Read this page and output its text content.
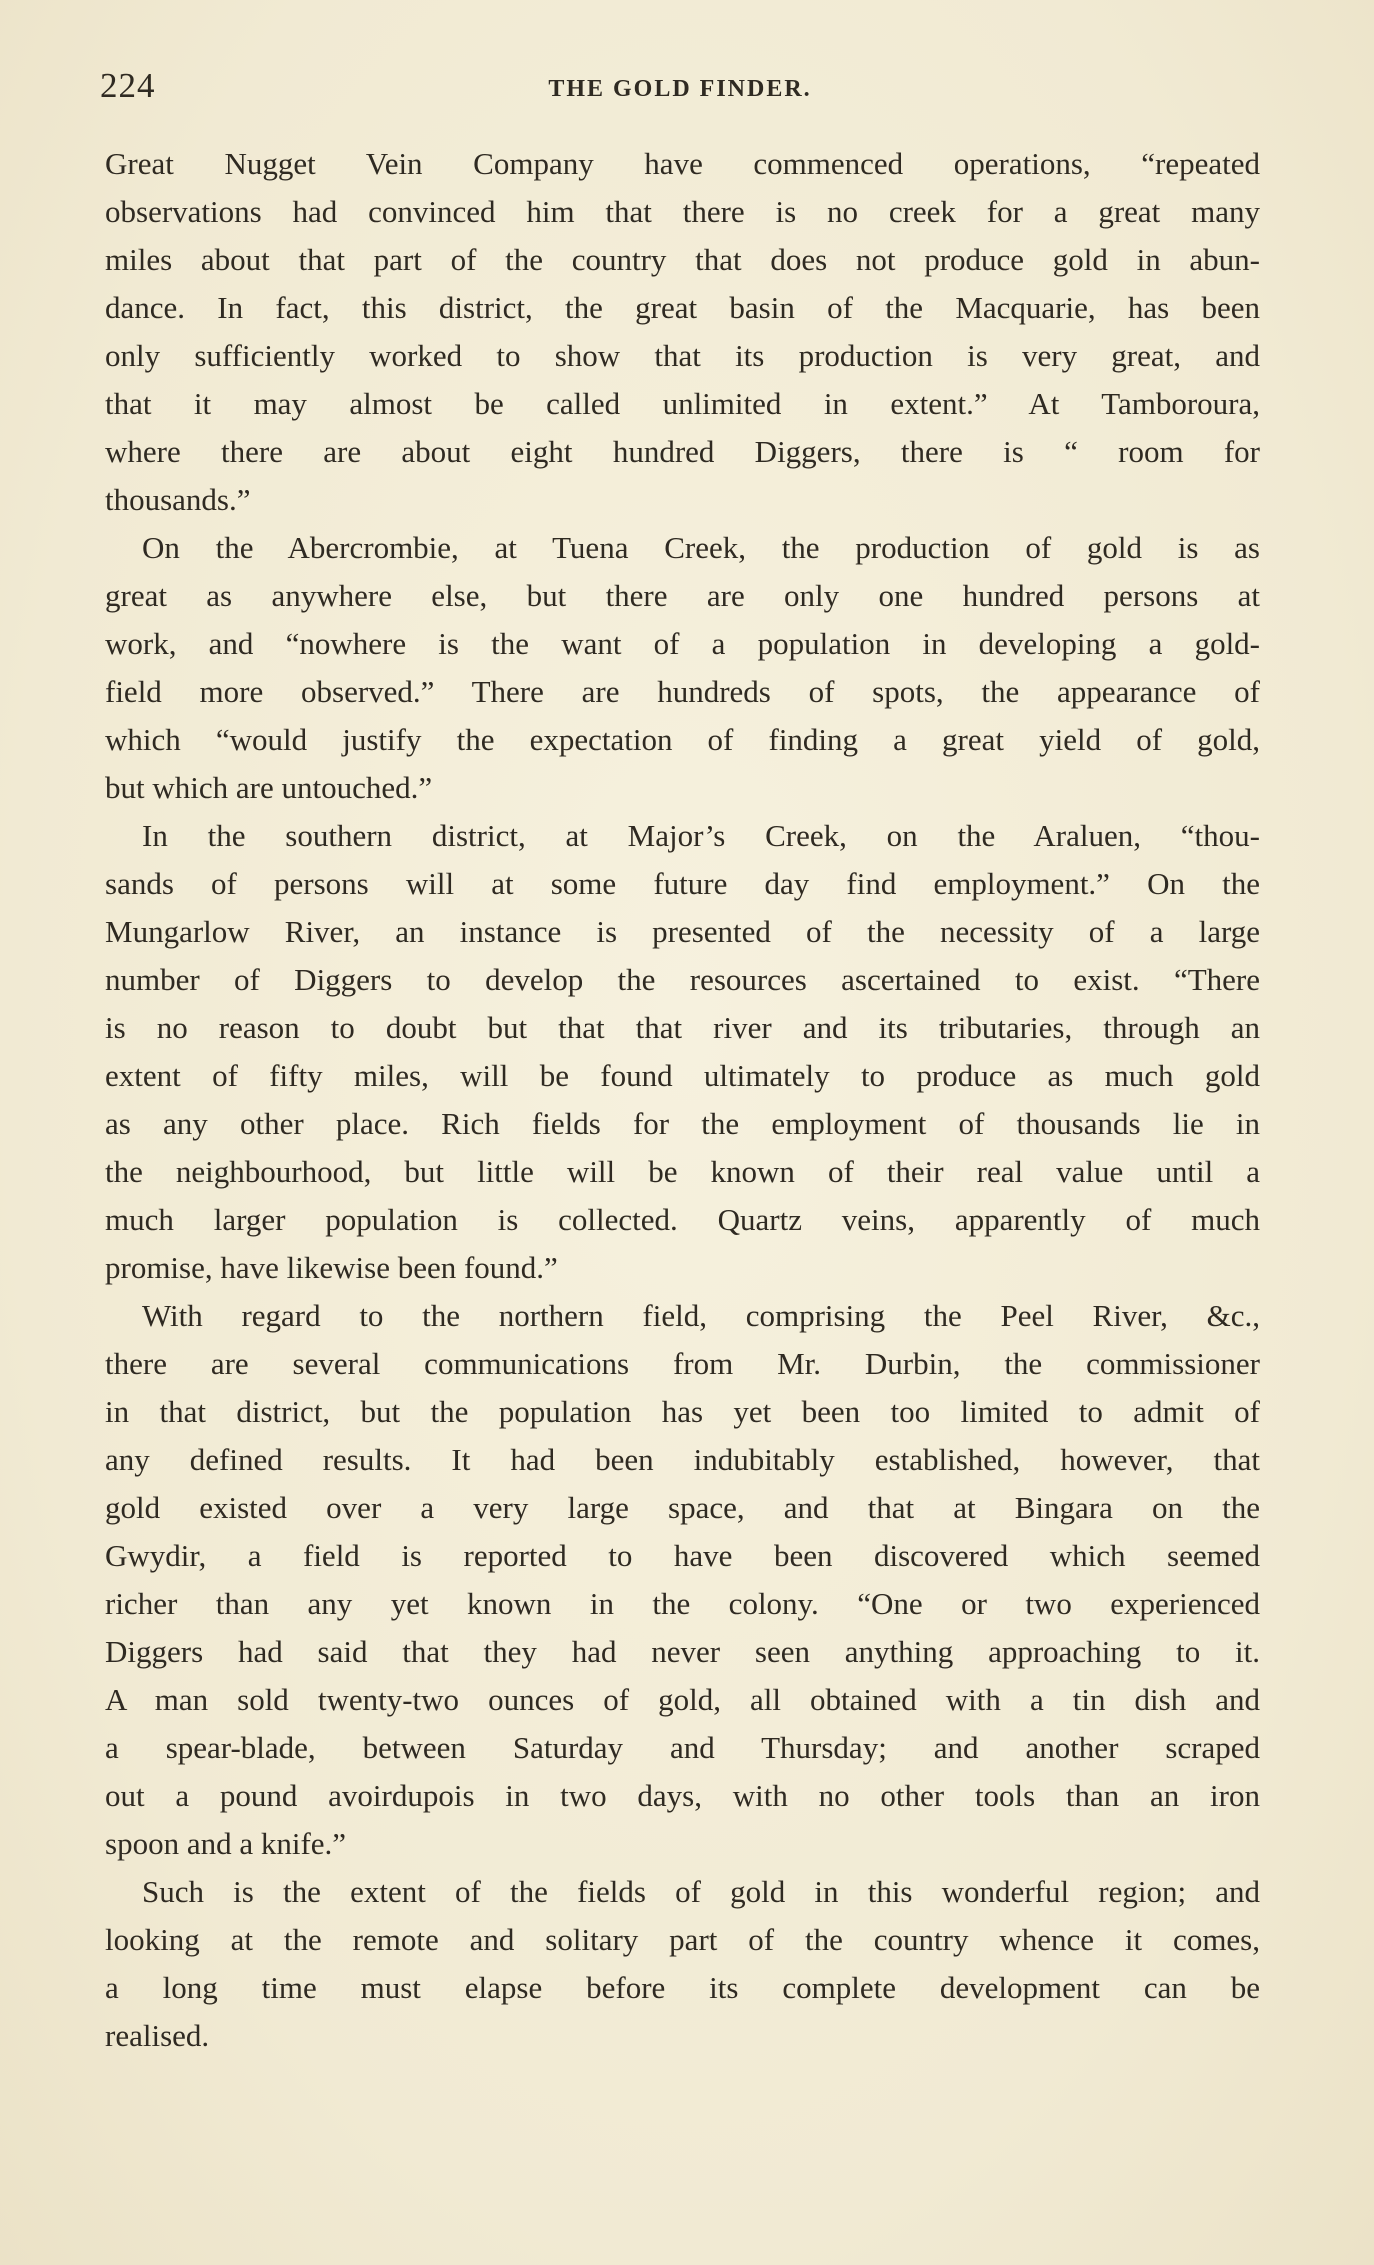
224	THE GOLD FINDER.
Great Nugget Vein Company have commenced operations, “repeated
observations had convinced him that there is no creek for a great many
miles about that part of the country that does not produce gold in abun-
dance. In fact, this district, the great basin of the Macquarie, has been
only sufficiently worked to show that its production is very great, and
that it may almost be called unlimited in extent.” At Tamboroura,
where there are about eight hundred Diggers, there is “ room for
thousands.”
On the Abercrombie, at Tuena Creek, the production of gold is as
great as anywhere else, but there are only one hundred persons at
work, and “nowhere is the want of a population in developing a gold-
field more observed.” There are hundreds of spots, the appearance of
which “would justify the expectation of finding a great yield of gold,
but which are untouched.”
In the southern district, at Major’s Creek, on the Araluen, “thou-
sands of persons will at some future day find employment.” On the
Mungarlow River, an instance is presented of the necessity of a large
number of Diggers to develop the resources ascertained to exist. “There
is no reason to doubt but that that river and its tributaries, through an
extent of fifty miles, will be found ultimately to produce as much gold
as any other place. Rich fields for the employment of thousands lie in
the neighbourhood, but little will be known of their real value until a
much larger population is collected. Quartz veins, apparently of much
promise, have likewise been found.”
With regard to the northern field, comprising the Peel River, &c.,
there are several communications from Mr. Durbin, the commissioner
in that district, but the population has yet been too limited to admit of
any defined results. It had been indubitably established, however, that
gold existed over a very large space, and that at Bingara on the
Gwydir, a field is reported to have been discovered which seemed
richer than any yet known in the colony. “One or two experienced
Diggers had said that they had never seen anything approaching to it.
A man sold twenty-two ounces of gold, all obtained with a tin dish and
a spear-blade, between Saturday and Thursday; and another scraped
out a pound avoirdupois in two days, with no other tools than an iron
spoon and a knife.”
Such is the extent of the fields of gold in this wonderful region; and
looking at the remote and solitary part of the country whence it comes,
a long time must elapse before its complete development can be
realised.
